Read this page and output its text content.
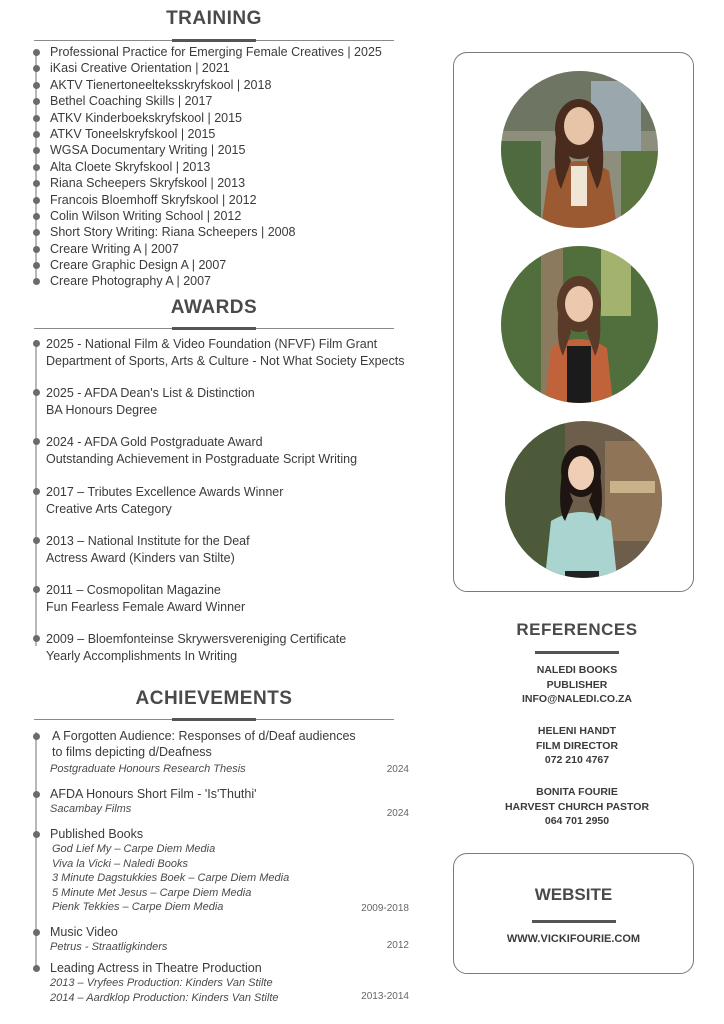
TRAINING
Professional Practice for Emerging Female Creatives | 2025
iKasi Creative Orientation | 2021
AKTV Tienertoneelteksskryfskool | 2018
Bethel Coaching Skills | 2017
ATKV Kinderboekskryfskool | 2015
ATKV Toneelskryfskool | 2015
WGSA Documentary Writing | 2015
Alta Cloete Skryfskool | 2013
Riana Scheepers Skryfskool | 2013
Francois Bloemhoff Skryfskool | 2012
Colin Wilson Writing School | 2012
Short Story Writing: Riana Scheepers | 2008
Creare Writing A | 2007
Creare Graphic Design A | 2007
Creare Photography A | 2007
AWARDS
2025 - National Film & Video Foundation (NFVF) Film Grant
Department of Sports, Arts & Culture - Not What Society Expects
2025 - AFDA Dean's List & Distinction
BA Honours Degree
2024 - AFDA Gold Postgraduate Award
Outstanding Achievement in Postgraduate Script Writing
2017 – Tributes Excellence Awards Winner
Creative Arts Category
2013 – National Institute for the Deaf
Actress Award (Kinders van Stilte)
2011 – Cosmopolitan Magazine
Fun Fearless Female Award Winner
2009 – Bloemfonteinse Skrywersvereniging Certificate
Yearly Accomplishments In Writing
ACHIEVEMENTS
A Forgotten Audience: Responses of d/Deaf audiences
to films depicting d/Deafness
Postgraduate Honours Research Thesis	2024
AFDA Honours Short Film - 'Is'Thuthi'
Sacambay Films	2024
Published Books
God Lief My – Carpe Diem Media
Viva la Vicki – Naledi Books
3 Minute Dagstukkies Boek – Carpe Diem Media
5 Minute Met Jesus – Carpe Diem Media
Pienk Tekkies – Carpe Diem Media	2009-2018
Music Video
Petrus - Straatligkinders	2012
Leading Actress in Theatre Production
2013 – Vryfees Production: Kinders Van Stilte
2014 – Aardklop Production: Kinders Van Stilte	2013-2014
REFERENCES
NALEDI BOOKS
PUBLISHER
INFO@NALEDI.CO.ZA
HELENI HANDT
FILM DIRECTOR
072 210 4767
BONITA FOURIE
HARVEST CHURCH PASTOR
064 701 2950
WEBSITE
WWW.VICKIFOURIE.COM
